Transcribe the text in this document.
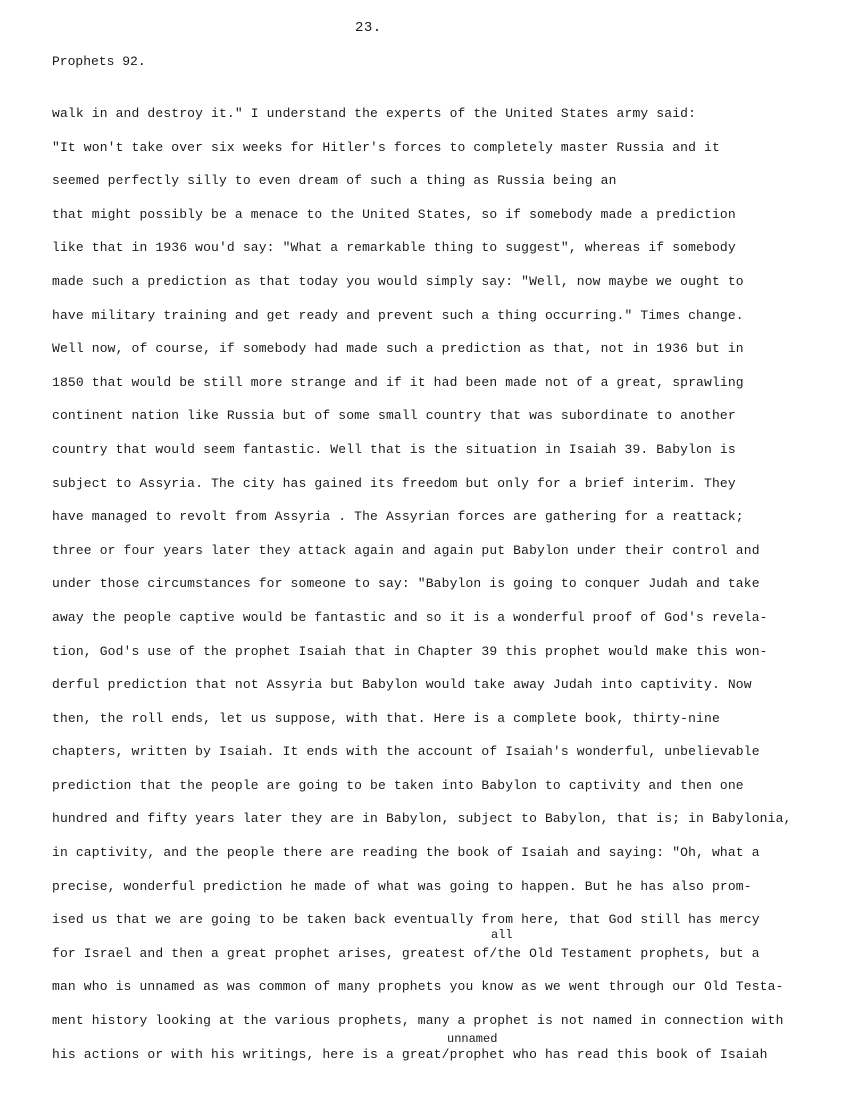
23.
Prophets 92.
walk in and destroy it." I understand the experts of the United States army said:
"It won't take over six weeks for Hitler's forces to completely master Russia and it
seemed perfectly silly to even dream of such a thing as Russia being an
that might possibly be a menace to the United States, so if somebody made a prediction
like that in 1936 wou'd say: "What a remarkable thing to suggest", whereas if somebody
made such a prediction as that today you would simply say: "Well, now maybe we ought to
have military training and get ready and prevent such a thing occurring." Times change.
Well now, of course, if somebody had made such a prediction as that, not in 1936 but in
1850 that would be still more strange and if it had been made not of a great, sprawling
continent nation like Russia but of some small country that was subordinate to another
country that would seem fantastic. Well that is the situation in Isaiah 39. Babylon is
subject to Assyria. The city has gained its freedom but only for a brief interim. They
have managed to revolt from Assyria . The Assyrian forces are gathering for a reattack;
three or four years later they attack again and again put Babylon under their control and
under those circumstances for someone to say: "Babylon is going to conquer Judah and take
away the people captive would be fantastic and so it is a wonderful proof of God's revela-
tion, God's use of the prophet Isaiah that in Chapter 39 this prophet would make this won-
derful prediction that not Assyria but Babylon would take away Judah into captivity. Now
then, the roll ends, let us suppose, with that. Here is a complete book, thirty-nine
chapters, written by Isaiah. It ends with the account of Isaiah's wonderful, unbelievable
prediction that the people are going to be taken into Babylon to captivity and then one
hundred and fifty years later they are in Babylon, subject to Babylon, that is; in Babylonia,
in captivity, and the people there are reading the book of Isaiah and saying: "Oh, what a
precise, wonderful prediction he made of what was going to happen. But he has also prom-
ised us that we are going to be taken back eventually from here, that God still has mercy
for Israel and then a great prophet arises, greatest of/the Old Testament prophets, but a
man who is unnamed as was common of many prophets you know as we went through our Old Testa-
ment history looking at the various prophets, many a prophet is not named in connection with
his actions or with his writings, here is a great/prophet who has read this book of Isaiah
all
unnamed
